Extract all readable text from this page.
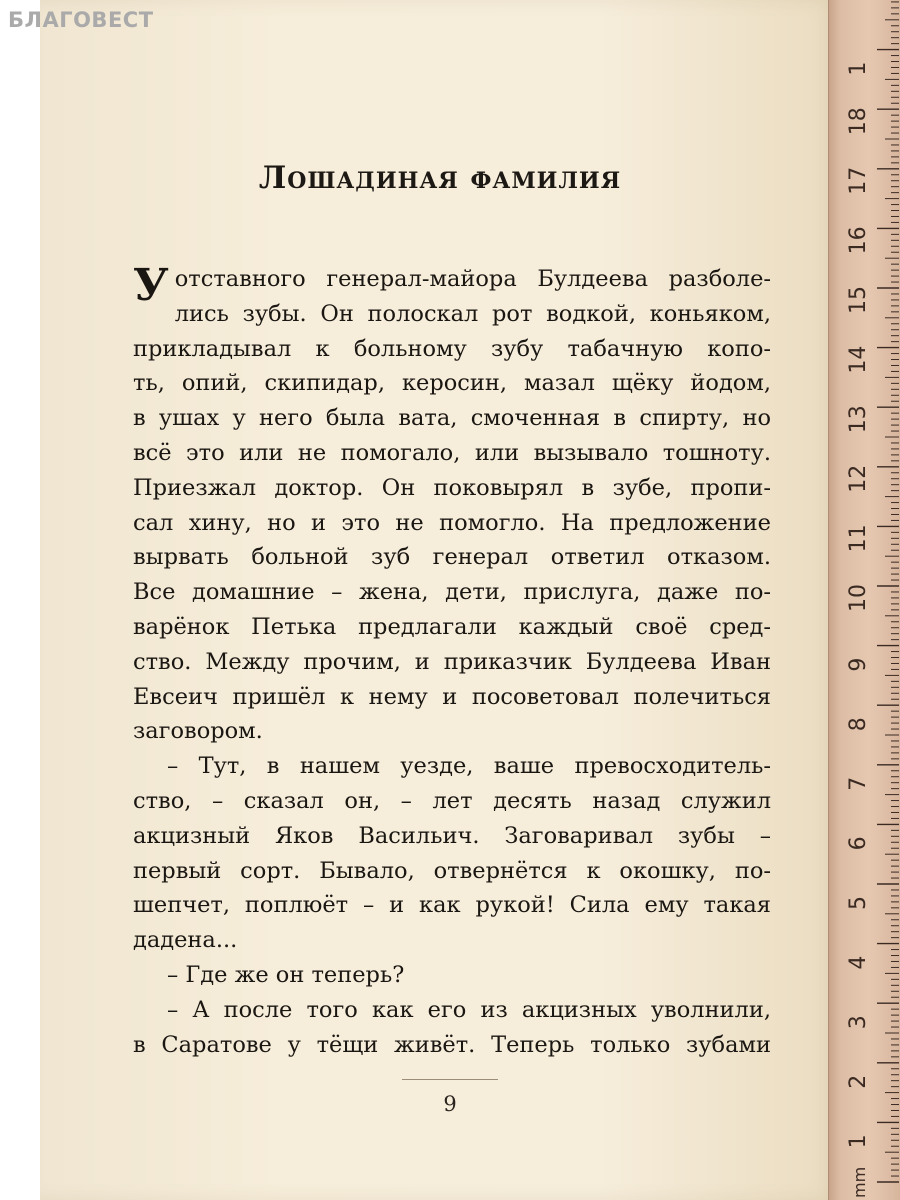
БЛАГОВЕСТ
Лошадиная фамилия
У отставного генерал-майора Булдеева разболе-
лись зубы. Он полоскал рот водкой, коньяком,
прикладывал к больному зубу табачную копо-
ть, опий, скипидар, керосин, мазал щёку йодом,
в ушах у него была вата, смоченная в спирту, но
всё это или не помогало, или вызывало тошноту.
Приезжал доктор. Он поковырял в зубе, пропи-
сал хину, но и это не помогло. На предложение
вырвать больной зуб генерал ответил отказом.
Все домашние – жена, дети, прислуга, даже по-
варёнок Петька предлагали каждый своё сред-
ство. Между прочим, и приказчик Булдеева Иван
Евсеич пришёл к нему и посоветовал полечиться
заговором.
– Тут, в нашем уезде, ваше превосходитель-
ство, – сказал он, – лет десять назад служил
акцизный Яков Васильич. Заговаривал зубы –
первый сорт. Бывало, отвернётся к окошку, по-
шепчет, поплюёт – и как рукой! Сила ему такая
дадена...
– Где же он теперь?
– А после того как его из акцизных уволнили,
в Саратове у тёщи живёт. Теперь только зубами
9
1
2
3
4
5
6
7
8
9
10
11
12
13
14
15
16
17
18
1
mm
